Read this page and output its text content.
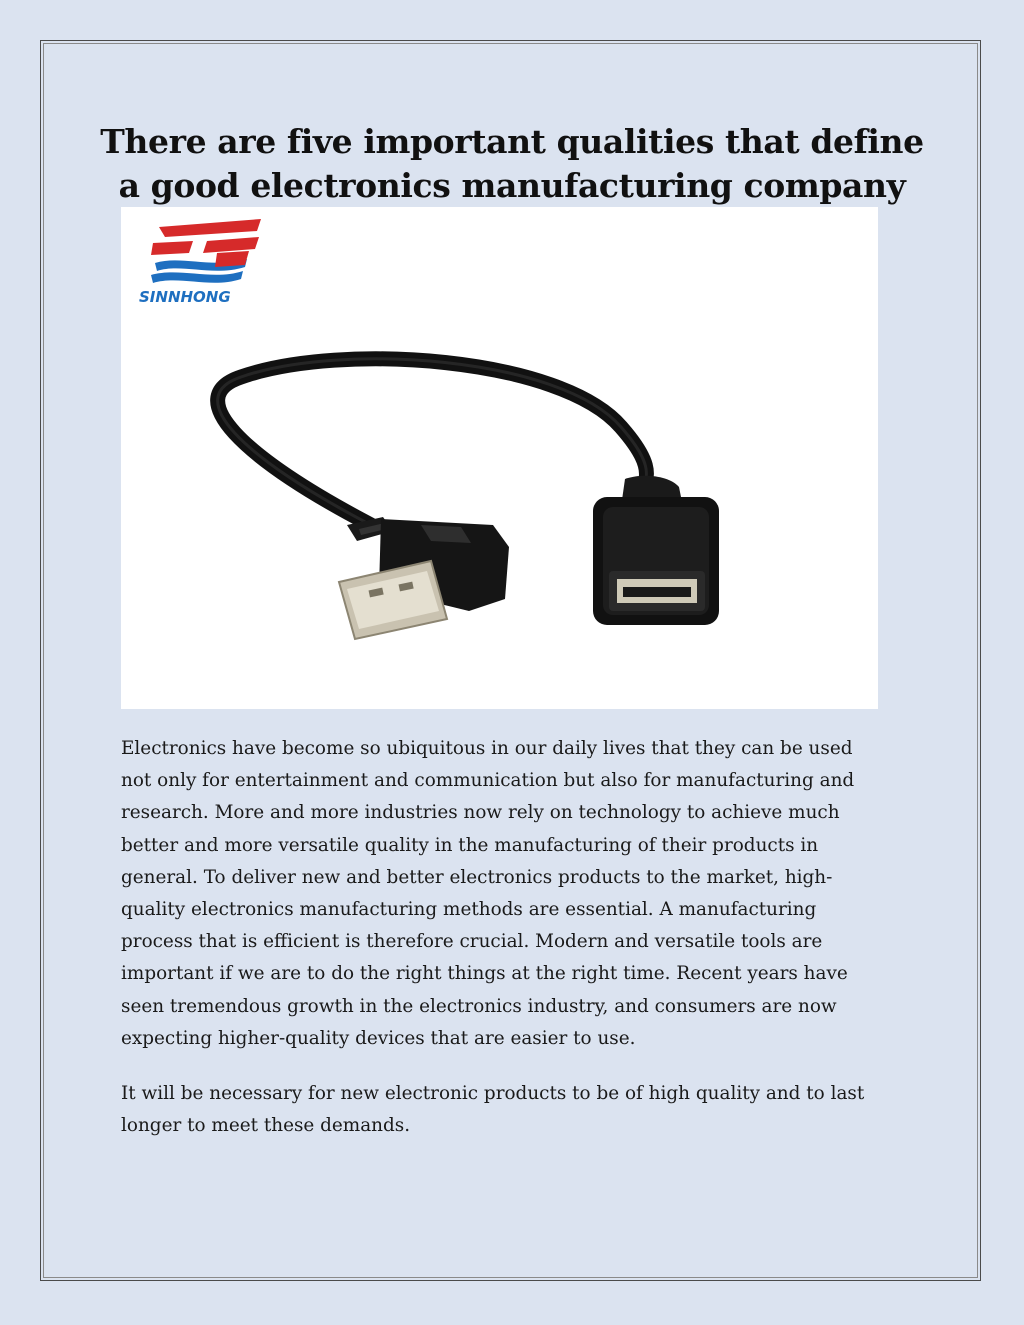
There are five important qualities that define
a good electronics manufacturing company
SINNHONG

Electronics have become so ubiquitous in our daily lives that they can be used
not only for entertainment and communication but also for manufacturing and
research. More and more industries now rely on technology to achieve much
better and more versatile quality in the manufacturing of their products in
general. To deliver new and better electronics products to the market, high-
quality electronics manufacturing methods are essential. A manufacturing
process that is efficient is therefore crucial. Modern and versatile tools are
important if we are to do the right things at the right time. Recent years have
seen tremendous growth in the electronics industry, and consumers are now
expecting higher-quality devices that are easier to use.

It will be necessary for new electronic products to be of high quality and to last
longer to meet these demands.
